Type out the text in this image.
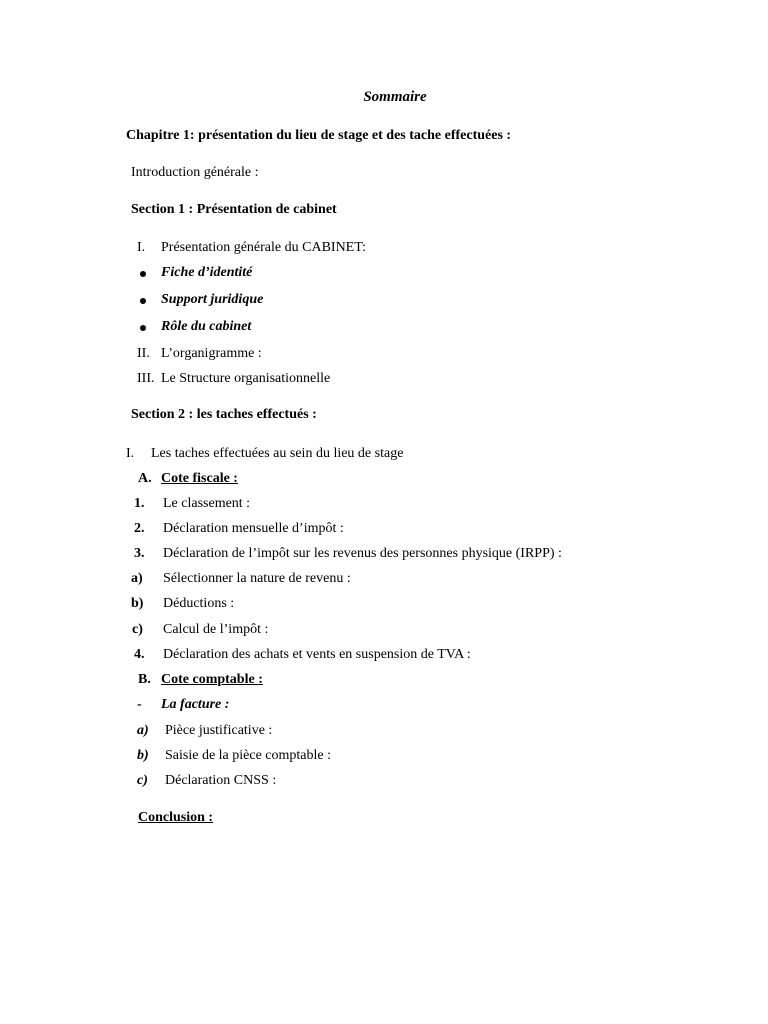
Sommaire
Chapitre 1: présentation du lieu de stage et des tache effectuées :
Introduction générale :
Section 1 : Présentation de cabinet
I. Présentation générale du CABINET:
Fiche d’identité
Support juridique
Rôle du cabinet
II. L’organigramme :
III. Le Structure organisationnelle
Section 2 : les taches effectués :
I. Les taches effectuées au sein du lieu de stage
A. Cote fiscale :
1. Le classement :
2. Déclaration mensuelle d’impôt :
3. Déclaration de l’impôt sur les revenus des personnes physique (IRPP) :
a) Sélectionner la nature de revenu :
b) Déductions :
c) Calcul de l’impôt :
4. Déclaration des achats et vents en suspension de TVA :
B. Cote comptable :
- La facture :
a) Pièce justificative :
b) Saisie de la pièce comptable :
c) Déclaration CNSS :
Conclusion :
